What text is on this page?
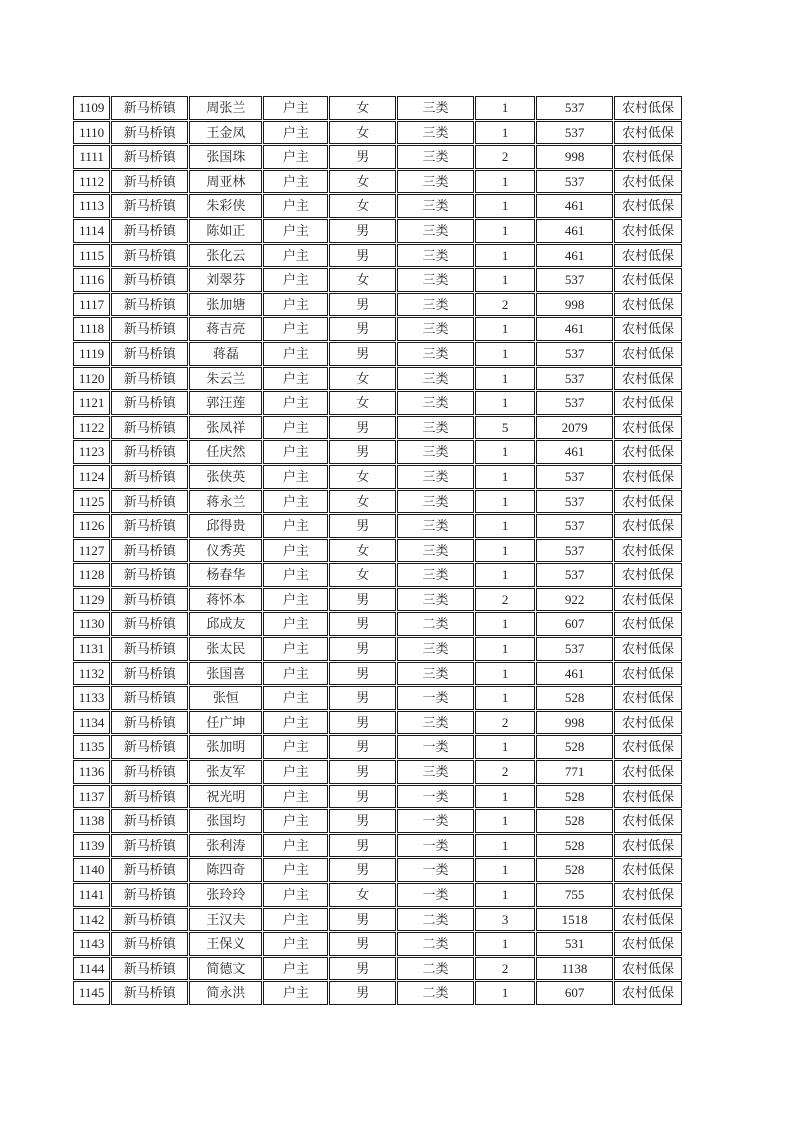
1109	新马桥镇	周张兰	户主	女	三类	1	537	农村低保
1110	新马桥镇	王金凤	户主	女	三类	1	537	农村低保
1111	新马桥镇	张国珠	户主	男	三类	2	998	农村低保
1112	新马桥镇	周亚林	户主	女	三类	1	537	农村低保
1113	新马桥镇	朱彩侠	户主	女	三类	1	461	农村低保
1114	新马桥镇	陈如正	户主	男	三类	1	461	农村低保
1115	新马桥镇	张化云	户主	男	三类	1	461	农村低保
1116	新马桥镇	刘翠芬	户主	女	三类	1	537	农村低保
1117	新马桥镇	张加塘	户主	男	三类	2	998	农村低保
1118	新马桥镇	蒋吉亮	户主	男	三类	1	461	农村低保
1119	新马桥镇	蒋磊	户主	男	三类	1	537	农村低保
1120	新马桥镇	朱云兰	户主	女	三类	1	537	农村低保
1121	新马桥镇	郭汪莲	户主	女	三类	1	537	农村低保
1122	新马桥镇	张凤祥	户主	男	三类	5	2079	农村低保
1123	新马桥镇	任庆然	户主	男	三类	1	461	农村低保
1124	新马桥镇	张侠英	户主	女	三类	1	537	农村低保
1125	新马桥镇	蒋永兰	户主	女	三类	1	537	农村低保
1126	新马桥镇	邱得贵	户主	男	三类	1	537	农村低保
1127	新马桥镇	仪秀英	户主	女	三类	1	537	农村低保
1128	新马桥镇	杨春华	户主	女	三类	1	537	农村低保
1129	新马桥镇	蒋怀本	户主	男	三类	2	922	农村低保
1130	新马桥镇	邱成友	户主	男	二类	1	607	农村低保
1131	新马桥镇	张太民	户主	男	三类	1	537	农村低保
1132	新马桥镇	张国喜	户主	男	三类	1	461	农村低保
1133	新马桥镇	张恒	户主	男	一类	1	528	农村低保
1134	新马桥镇	任广坤	户主	男	三类	2	998	农村低保
1135	新马桥镇	张加明	户主	男	一类	1	528	农村低保
1136	新马桥镇	张友军	户主	男	三类	2	771	农村低保
1137	新马桥镇	祝光明	户主	男	一类	1	528	农村低保
1138	新马桥镇	张国均	户主	男	一类	1	528	农村低保
1139	新马桥镇	张利涛	户主	男	一类	1	528	农村低保
1140	新马桥镇	陈四奇	户主	男	一类	1	528	农村低保
1141	新马桥镇	张玲玲	户主	女	一类	1	755	农村低保
1142	新马桥镇	王汉夫	户主	男	二类	3	1518	农村低保
1143	新马桥镇	王保义	户主	男	二类	1	531	农村低保
1144	新马桥镇	简德文	户主	男	二类	2	1138	农村低保
1145	新马桥镇	简永洪	户主	男	二类	1	607	农村低保
